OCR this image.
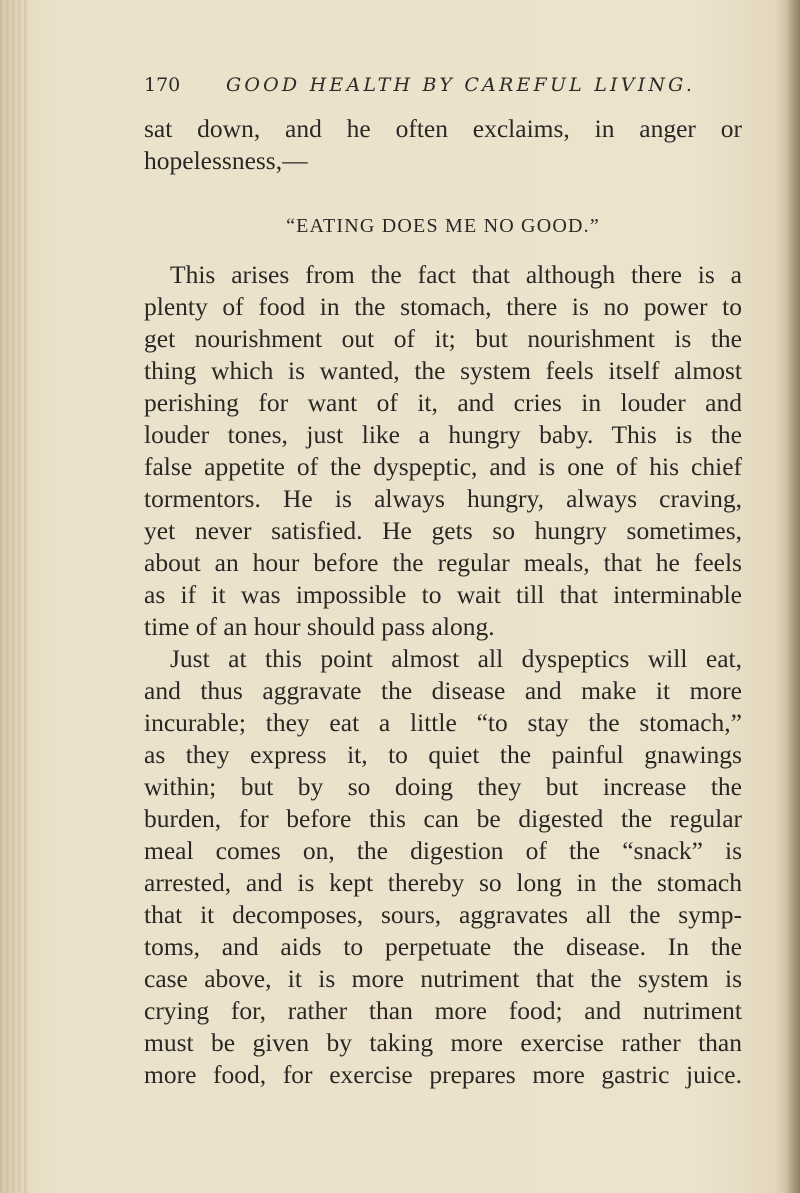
170 GOOD HEALTH BY CAREFUL LIVING.
sat down, and he often exclaims, in anger or
hopelessness,—
“EATING DOES ME NO GOOD.”
This arises from the fact that although there is a
plenty of food in the stomach, there is no power to
get nourishment out of it; but nourishment is the
thing which is wanted, the system feels itself almost
perishing for want of it, and cries in louder and
louder tones, just like a hungry baby. This is the
false appetite of the dyspeptic, and is one of his chief
tormentors. He is always hungry, always craving,
yet never satisfied. He gets so hungry sometimes,
about an hour before the regular meals, that he feels
as if it was impossible to wait till that interminable
time of an hour should pass along.
Just at this point almost all dyspeptics will eat,
and thus aggravate the disease and make it more
incurable; they eat a little “to stay the stomach,”
as they express it, to quiet the painful gnawings
within; but by so doing they but increase the
burden, for before this can be digested the regular
meal comes on, the digestion of the “snack” is
arrested, and is kept thereby so long in the stomach
that it decomposes, sours, aggravates all the symp-
toms, and aids to perpetuate the disease. In the
case above, it is more nutriment that the system is
crying for, rather than more food; and nutriment
must be given by taking more exercise rather than
more food, for exercise prepares more gastric juice.
